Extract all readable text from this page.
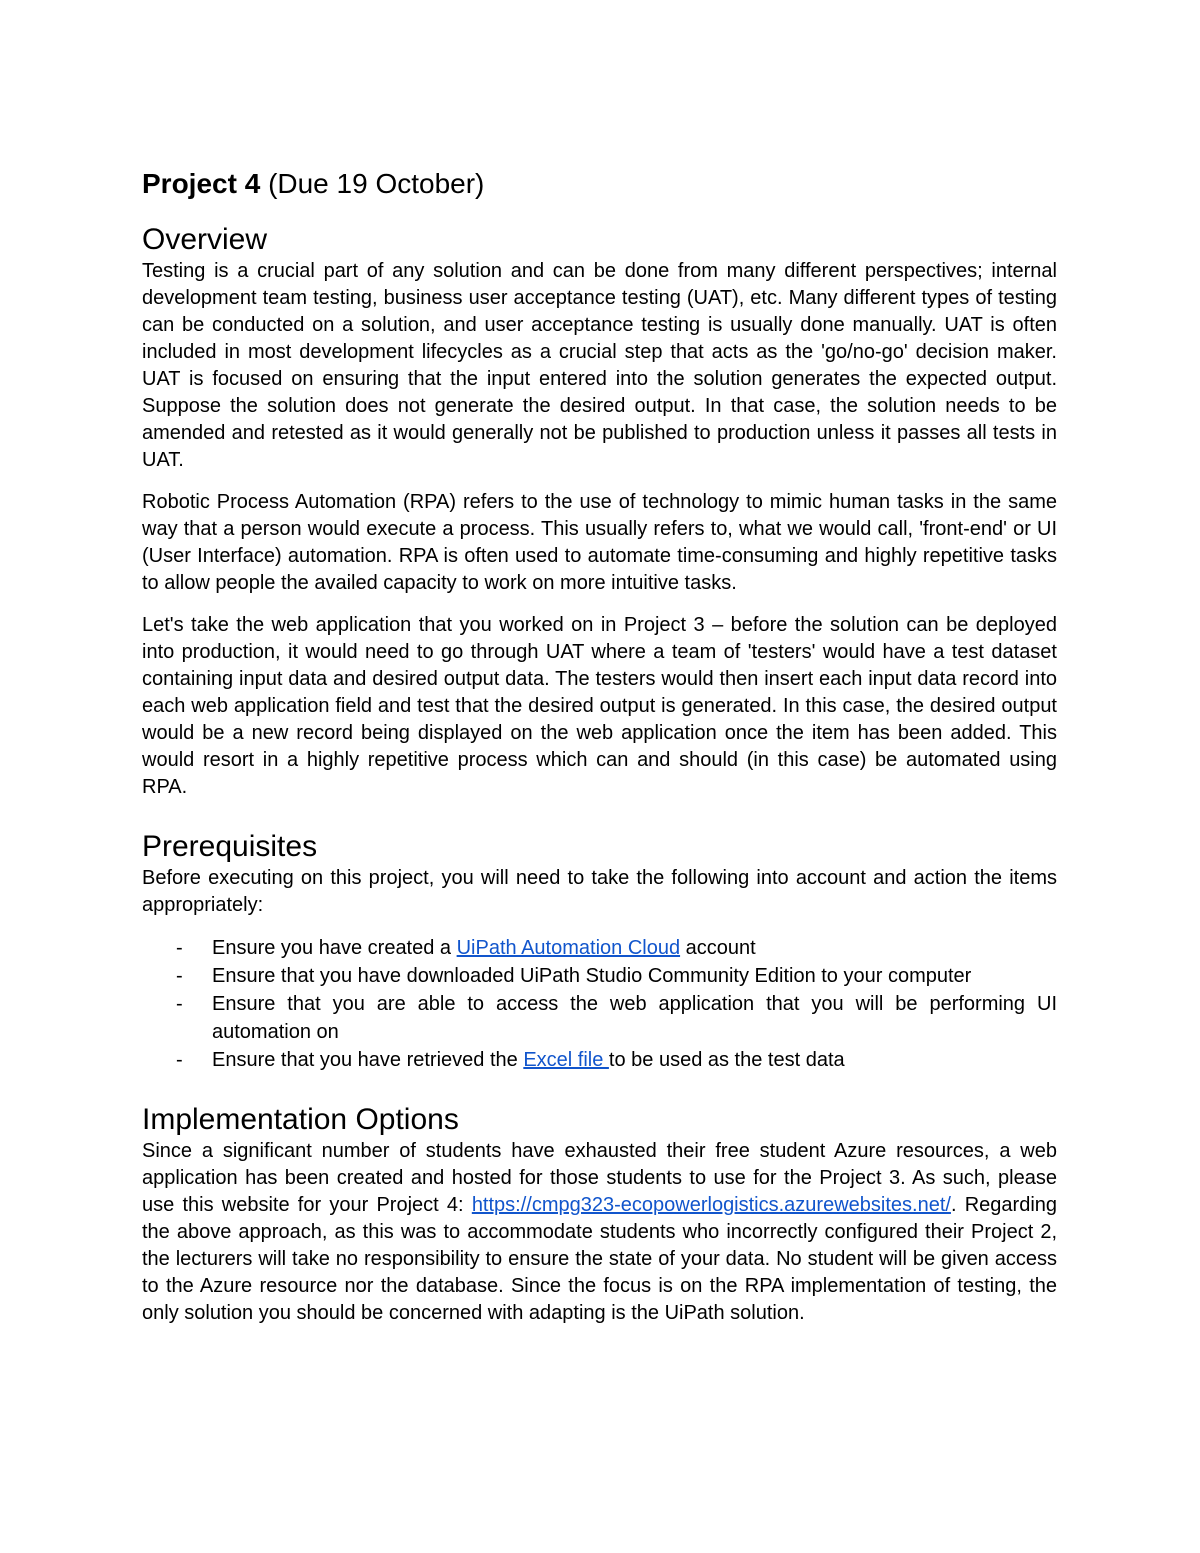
Project 4 (Due 19 October)
Overview

Testing is a crucial part of any solution and can be done from many different perspectives; internal development team testing, business user acceptance testing (UAT), etc. Many different types of testing can be conducted on a solution, and user acceptance testing is usually done manually. UAT is often included in most development lifecycles as a crucial step that acts as the 'go/no-go' decision maker. UAT is focused on ensuring that the input entered into the solution generates the expected output. Suppose the solution does not generate the desired output. In that case, the solution needs to be amended and retested as it would generally not be published to production unless it passes all tests in UAT.

Robotic Process Automation (RPA) refers to the use of technology to mimic human tasks in the same way that a person would execute a process. This usually refers to, what we would call, 'front-end' or UI (User Interface) automation. RPA is often used to automate time-consuming and highly repetitive tasks to allow people the availed capacity to work on more intuitive tasks.

Let's take the web application that you worked on in Project 3 – before the solution can be deployed into production, it would need to go through UAT where a team of 'testers' would have a test dataset containing input data and desired output data. The testers would then insert each input data record into each web application field and test that the desired output is generated. In this case, the desired output would be a new record being displayed on the web application once the item has been added. This would resort in a highly repetitive process which can and should (in this case) be automated using RPA.

Prerequisites

Before executing on this project, you will need to take the following into account and action the items appropriately:

- Ensure you have created a UiPath Automation Cloud account
- Ensure that you have downloaded UiPath Studio Community Edition to your computer
- Ensure that you are able to access the web application that you will be performing UI automation on
- Ensure that you have retrieved the Excel file to be used as the test data
Implementation Options

Since a significant number of students have exhausted their free student Azure resources, a web application has been created and hosted for those students to use for the Project 3. As such, please use this website for your Project 4: https://cmpg323-ecopowerlogistics.azurewebsites.net/. Regarding the above approach, as this was to accommodate students who incorrectly configured their Project 2, the lecturers will take no responsibility to ensure the state of your data. No student will be given access to the Azure resource nor the database. Since the focus is on the RPA implementation of testing, the only solution you should be concerned with adapting is the UiPath solution.
